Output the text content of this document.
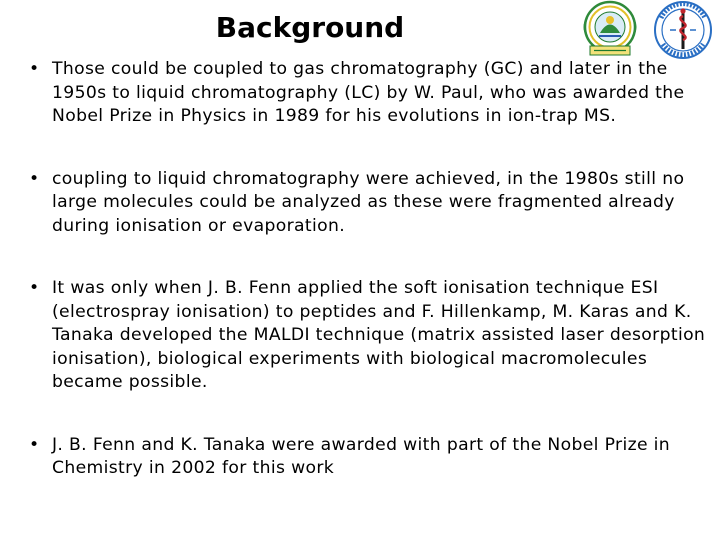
Background
• Those could be coupled to gas chromatography (GC) and later in the 1950s to liquid chromatography (LC) by W. Paul, who was awarded the Nobel Prize in Physics in 1989 for his evolutions in ion-trap MS.
• coupling to liquid chromatography were achieved, in the 1980s still no large molecules could be analyzed as these were fragmented already during ionisation or evaporation.
• It was only when J. B. Fenn applied the soft ionisation technique ESI (electrospray ionisation) to peptides and F. Hillenkamp, M. Karas and K. Tanaka developed the MALDI technique (matrix assisted laser desorption ionisation), biological experiments with biological macromolecules became possible.
• J. B. Fenn and K. Tanaka were awarded with part of the Nobel Prize in Chemistry in 2002 for this work
